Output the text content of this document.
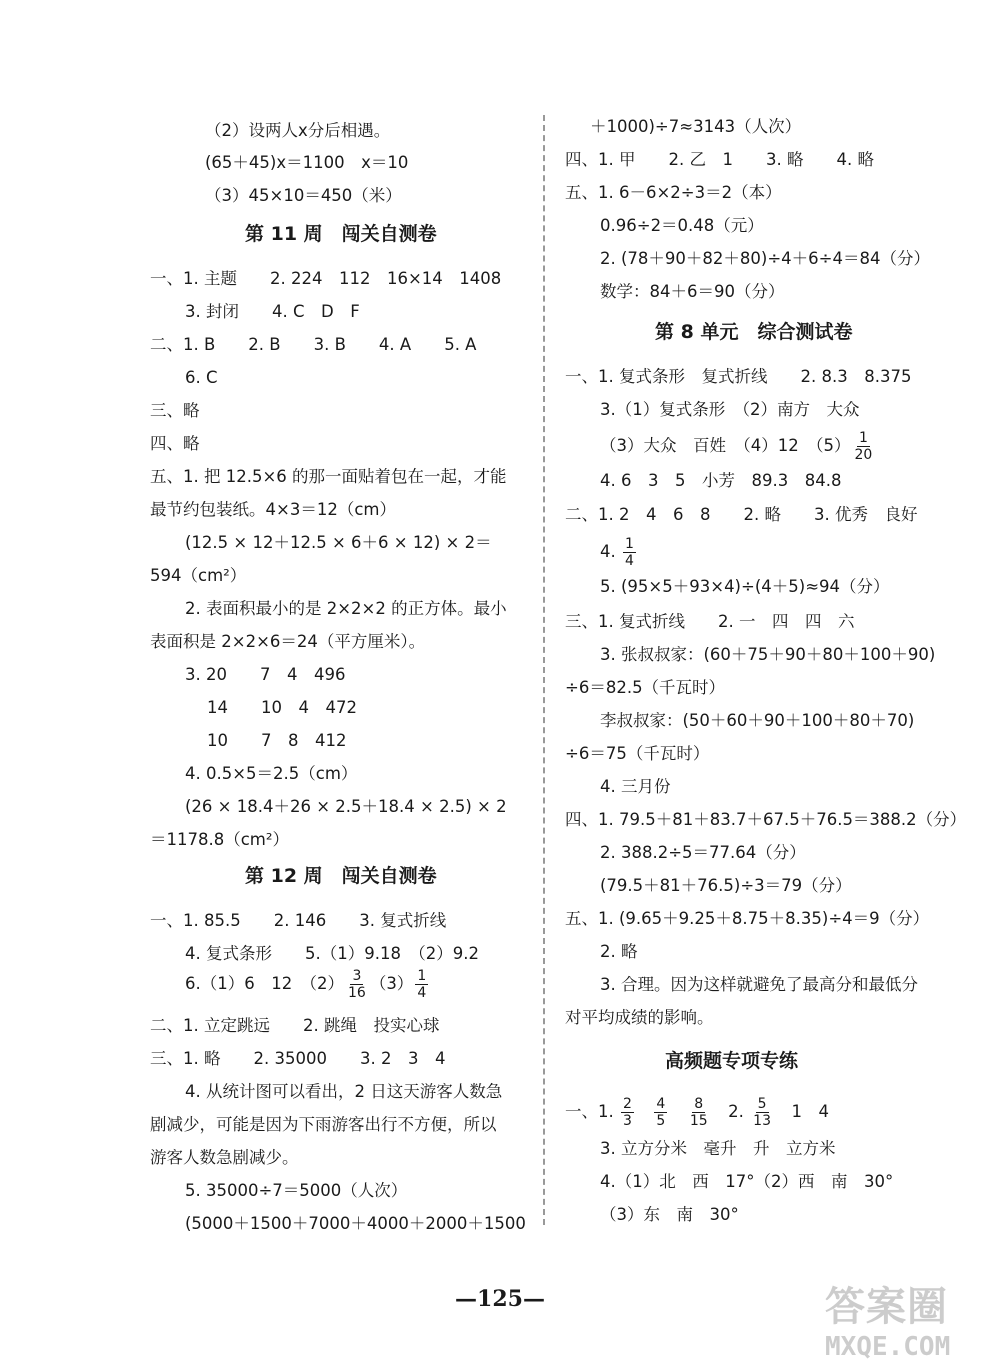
（2）设两人x分后相遇。
(65＋45)x＝1100　x＝10
（3）45×10＝450（米）
第 11 周　闯关自测卷
一、1. 主题　　2. 224　112　16×14　1408
3. 封闭　　4. C　D　F
二、1. B　　2. B　　3. B　　4. A　　5. A
6. C
三、略
四、略
五、1. 把 12.5×6 的那一面贴着包在一起，才能
最节约包装纸。4×3＝12（cm）
(12.5 × 12＋12.5 × 6＋6 × 12) × 2＝
594（cm²）
2. 表面积最小的是 2×2×2 的正方体。最小
表面积是 2×2×6＝24（平方厘米）。
3. 20　　7　4　496
14　　10　4　472
10　　7　8　412
4. 0.5×5＝2.5（cm）
(26 × 18.4＋26 × 2.5＋18.4 × 2.5) × 2
＝1178.8（cm²）
第 12 周　闯关自测卷
一、1. 85.5　　2. 146　　3. 复式折线
4. 复式条形　　5.（1）9.18　（2）9.2
二、1. 立定跳远　　2. 跳绳　投实心球
三、1. 略　　2. 35000　　3. 2　3　4
4. 从统计图可以看出，2 日这天游客人数急
剧减少，可能是因为下雨游客出行不方便，所以
游客人数急剧减少。
5. 35000÷7＝5000（人次）
(5000＋1500＋7000＋4000＋2000＋1500
6.（1）6　12　$(2) \frac{3}{16} (3) \frac{1}{4}$
＋1000)÷7≈3143（人次）
四、1. 甲　　2. 乙　1　　3. 略　　4. 略
五、1. 6－6×2÷3＝2（本）
0.96÷2＝0.48（元）
2. (78＋90＋82＋80)÷4＋6÷4＝84（分）
数学：84＋6＝90（分）
第 8 单元　综合测试卷
一、1. 复式条形　复式折线　　2. 8.3　8.375
3.（1）复式条形　（2）南方　大众
4. 6　3　5　小芳　89.3　84.8
二、1. 2　4　6　8　　2. 略　　3. 优秀　良好
5. (95×5＋93×4)÷(4＋5)≈94（分）
三、1. 复式折线　　2. 一　四　四　六
3. 张叔叔家：(60＋75＋90＋80＋100＋90)
÷6＝82.5（千瓦时）
李叔叔家：(50＋60＋90＋100＋80＋70)
÷6＝75（千瓦时）
4. 三月份
四、1. 79.5＋81＋83.7＋67.5＋76.5＝388.2（分）
2. 388.2÷5＝77.64（分）
(79.5＋81＋76.5)÷3＝79（分）
五、1. (9.65＋9.25＋8.75＋8.35)÷4＝9（分）
2. 略
3. 合理。因为这样就避免了最高分和最低分
对平均成绩的影响。
高频题专项专练
3. 立方分米　毫升　升　立方米
4.（1）北　西　17°（2）西　南　30°
（3）东　南　30°
（3）大众　百姓　（4）12　$(5) \frac{1}{20}$
4. $\frac{1}{4}$
一、1. $\frac{2}{3}$
　 $\frac{4}{5}$
　 $\frac{8}{15}$ 　2. $\frac{5}{13}$ 　1　4
—125—	答案圈
MXQE.COM
